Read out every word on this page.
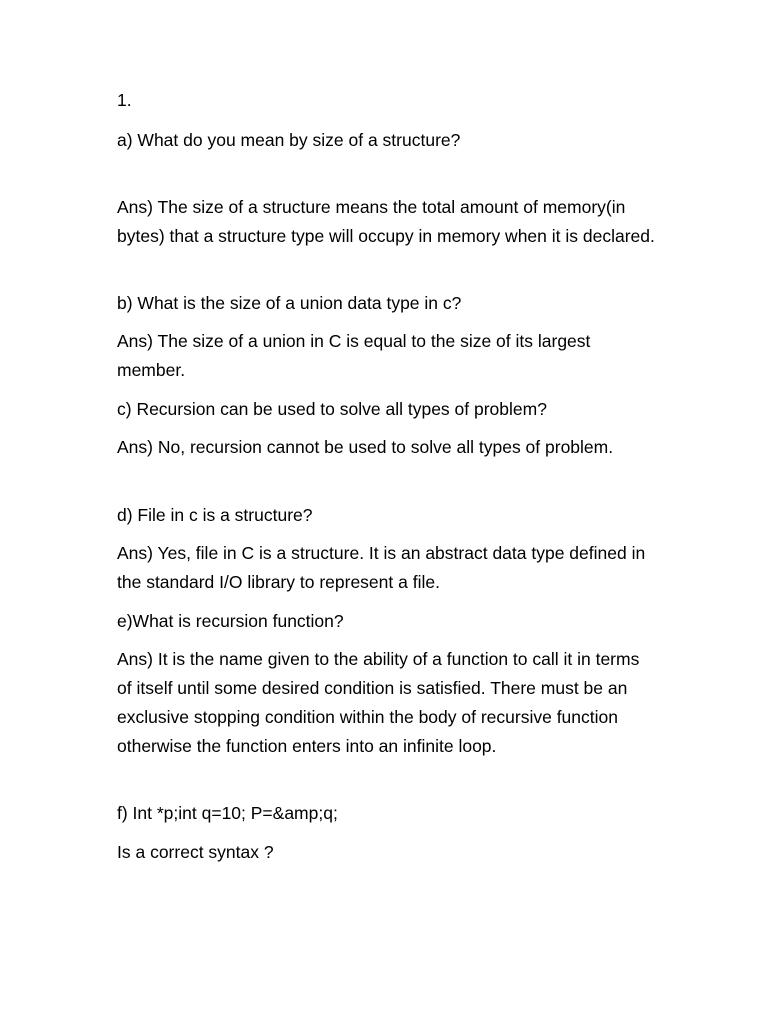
1.

a) What do you mean by size of a structure?

Ans) The size of a structure means the total amount of memory(in bytes) that a structure type will occupy in memory when it is declared.

b) What is the size of a union data type in c?

Ans) The size of a union in C is equal to the size of its largest member.

c) Recursion can be used to solve all types of problem?

Ans) No, recursion cannot be used to solve all types of problem.

d) File in c is a structure?

Ans) Yes, file in C is a structure. It is an abstract data type defined in the standard I/O library to represent a file.

e)What is recursion function?

Ans) It is the name given to the ability of a function to call it in terms of itself until some desired condition is satisfied. There must be an exclusive stopping condition within the body of recursive function otherwise the function enters into an infinite loop.

f) Int *p;int q=10; P=&amp;q;

Is a correct syntax ?
